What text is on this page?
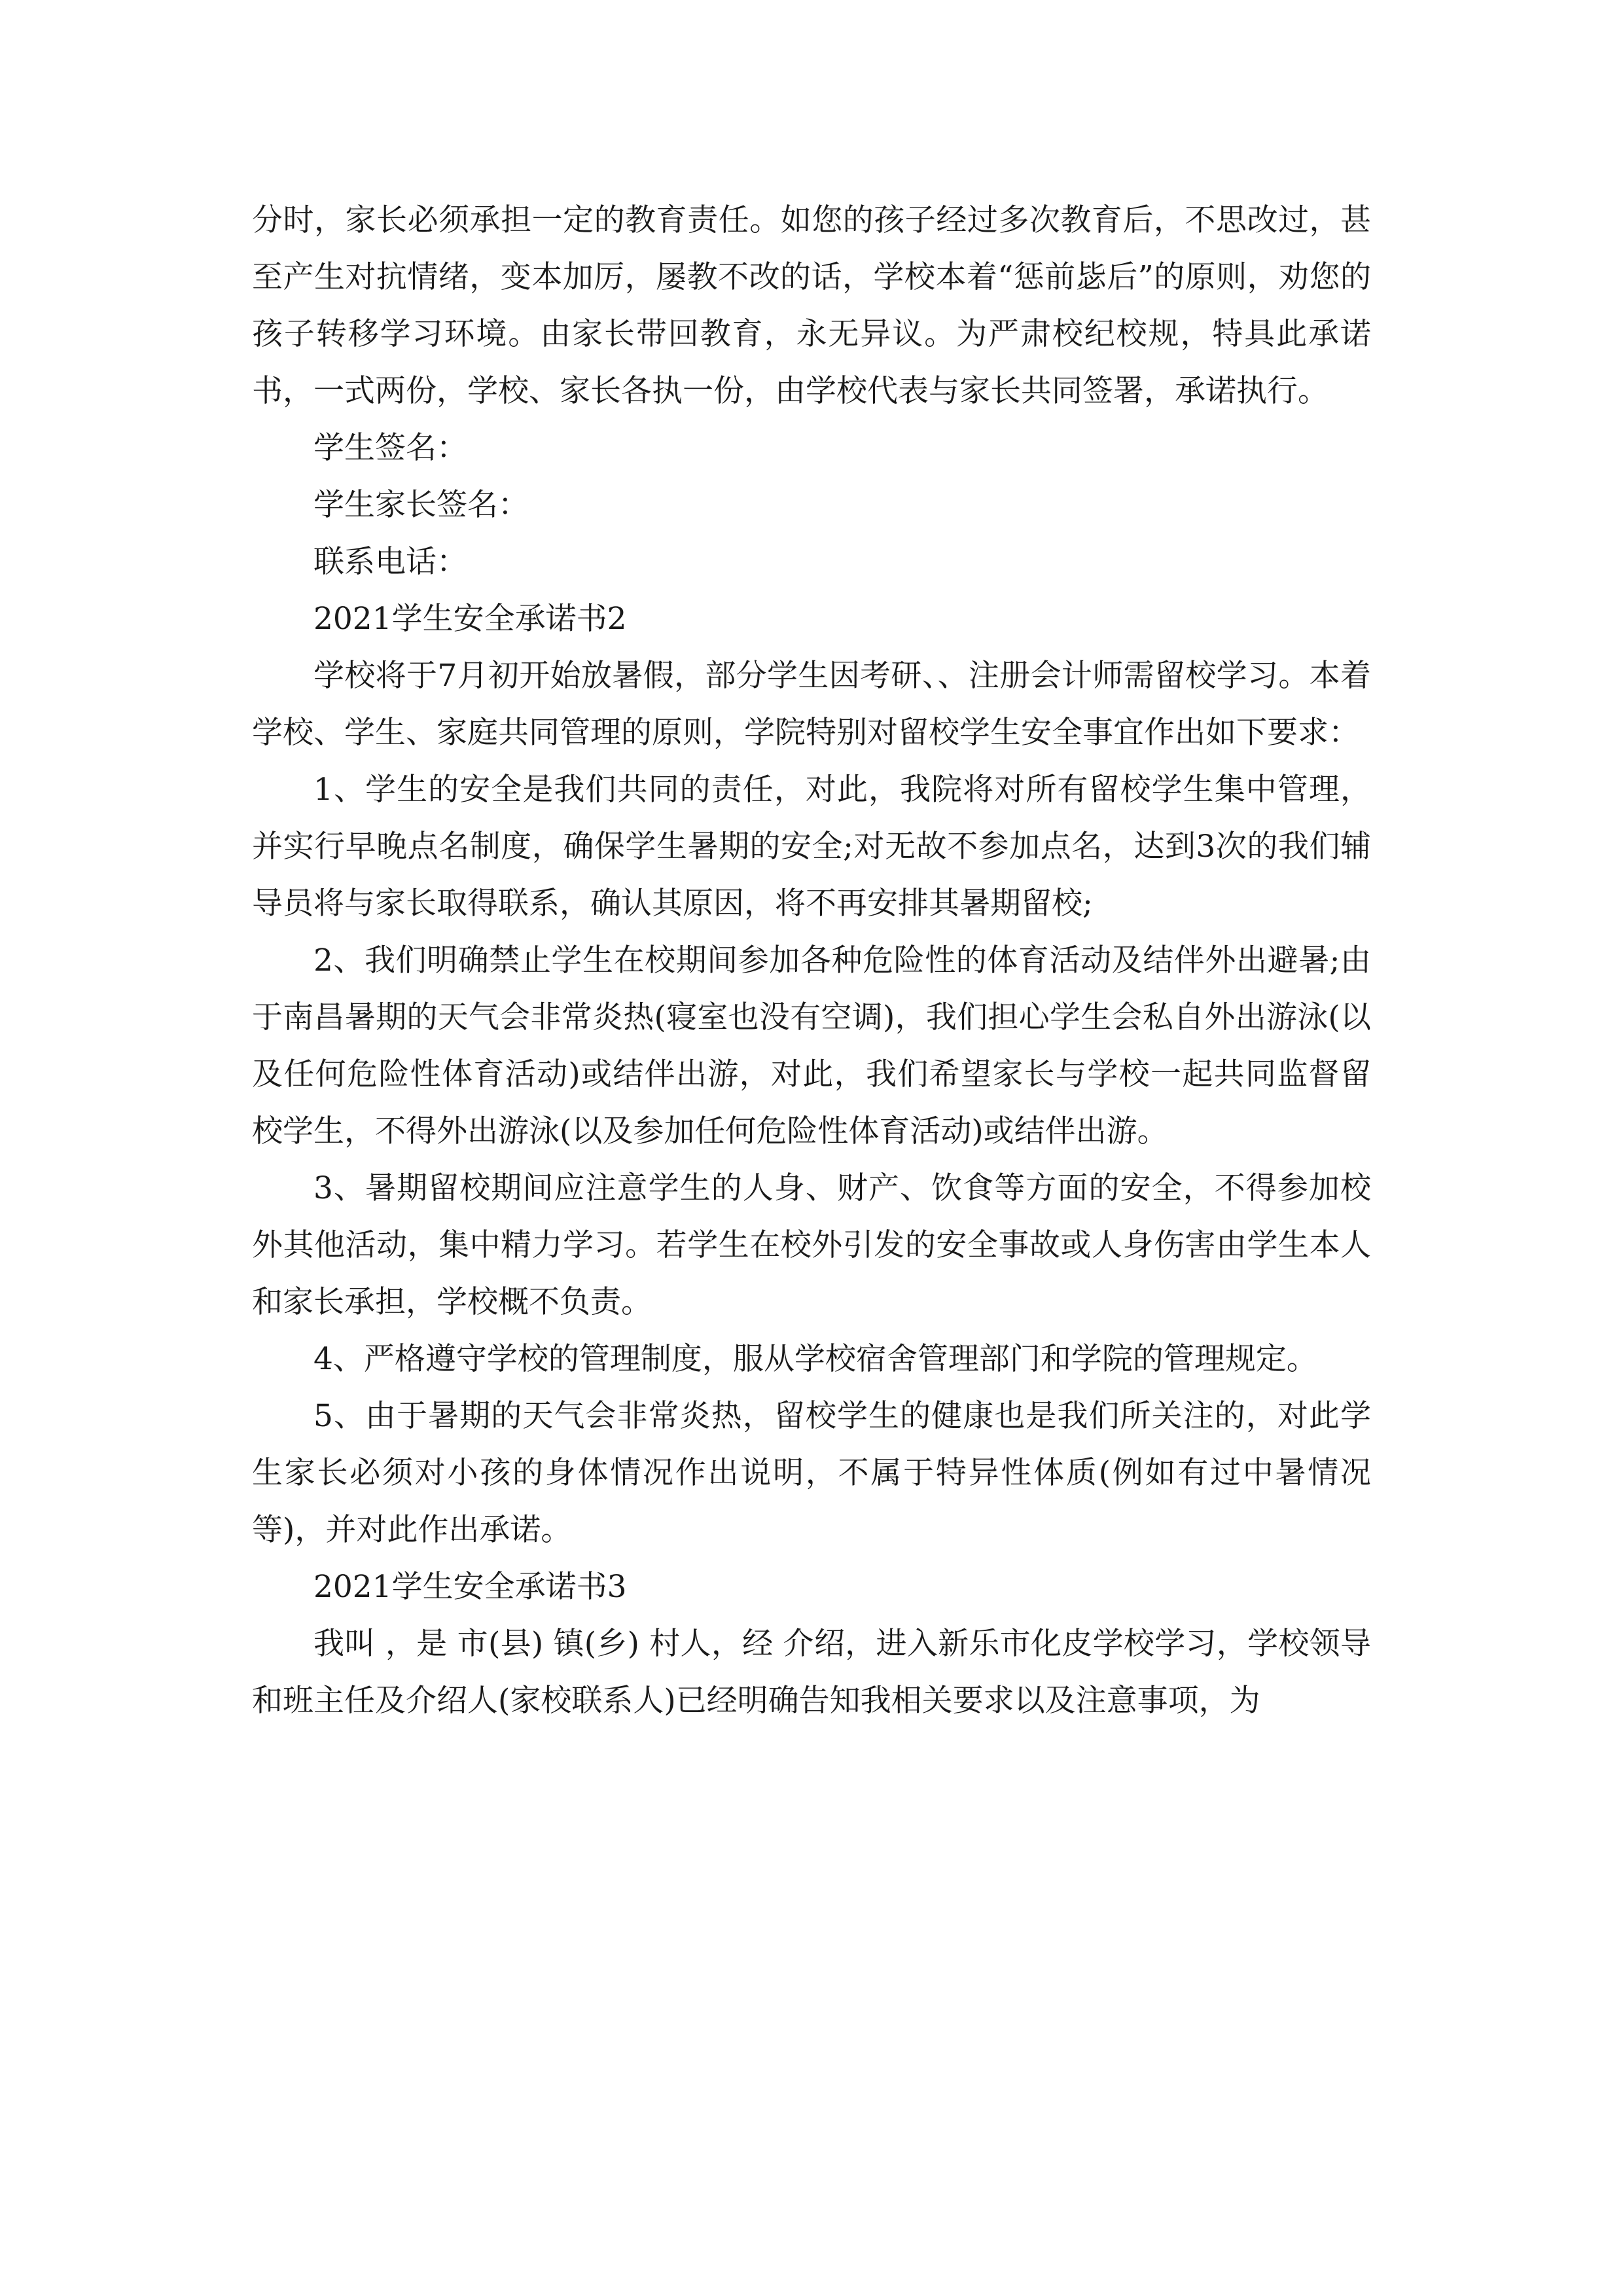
分时，家长必须承担一定的教育责任。如您的孩子经过多次教育后，不思改过，甚至产生对抗情绪，变本加厉，屡教不改的话，学校本着“惩前毖后”的原则，劝您的孩子转移学习环境。由家长带回教育，永无异议。为严肃校纪校规，特具此承诺书，一式两份，学校、家长各执一份，由学校代表与家长共同签署，承诺执行。

学生签名：

学生家长签名：

联系电话：

2021学生安全承诺书2

学校将于7月初开始放暑假，部分学生因考研、、注册会计师需留校学习。本着学校、学生、家庭共同管理的原则，学院特别对留校学生安全事宜作出如下要求：

1、学生的安全是我们共同的责任，对此，我院将对所有留校学生集中管理，并实行早晚点名制度，确保学生暑期的安全;对无故不参加点名，达到3次的我们辅导员将与家长取得联系，确认其原因，将不再安排其暑期留校;

2、我们明确禁止学生在校期间参加各种危险性的体育活动及结伴外出避暑;由于南昌暑期的天气会非常炎热(寝室也没有空调)，我们担心学生会私自外出游泳(以及任何危险性体育活动)或结伴出游，对此，我们希望家长与学校一起共同监督留校学生，不得外出游泳(以及参加任何危险性体育活动)或结伴出游。

3、暑期留校期间应注意学生的人身、财产、饮食等方面的安全，不得参加校外其他活动，集中精力学习。若学生在校外引发的安全事故或人身伤害由学生本人和家长承担，学校概不负责。

4、严格遵守学校的管理制度，服从学校宿舍管理部门和学院的管理规定。

5、由于暑期的天气会非常炎热，留校学生的健康也是我们所关注的，对此学生家长必须对小孩的身体情况作出说明，不属于特异性体质(例如有过中暑情况等)，并对此作出承诺。

2021学生安全承诺书3

我叫 ，是 市(县) 镇(乡) 村人，经 介绍，进入新乐市化皮学校学习，学校领导和班主任及介绍人(家校联系人)已经明确告知我相关要求以及注意事项，为
